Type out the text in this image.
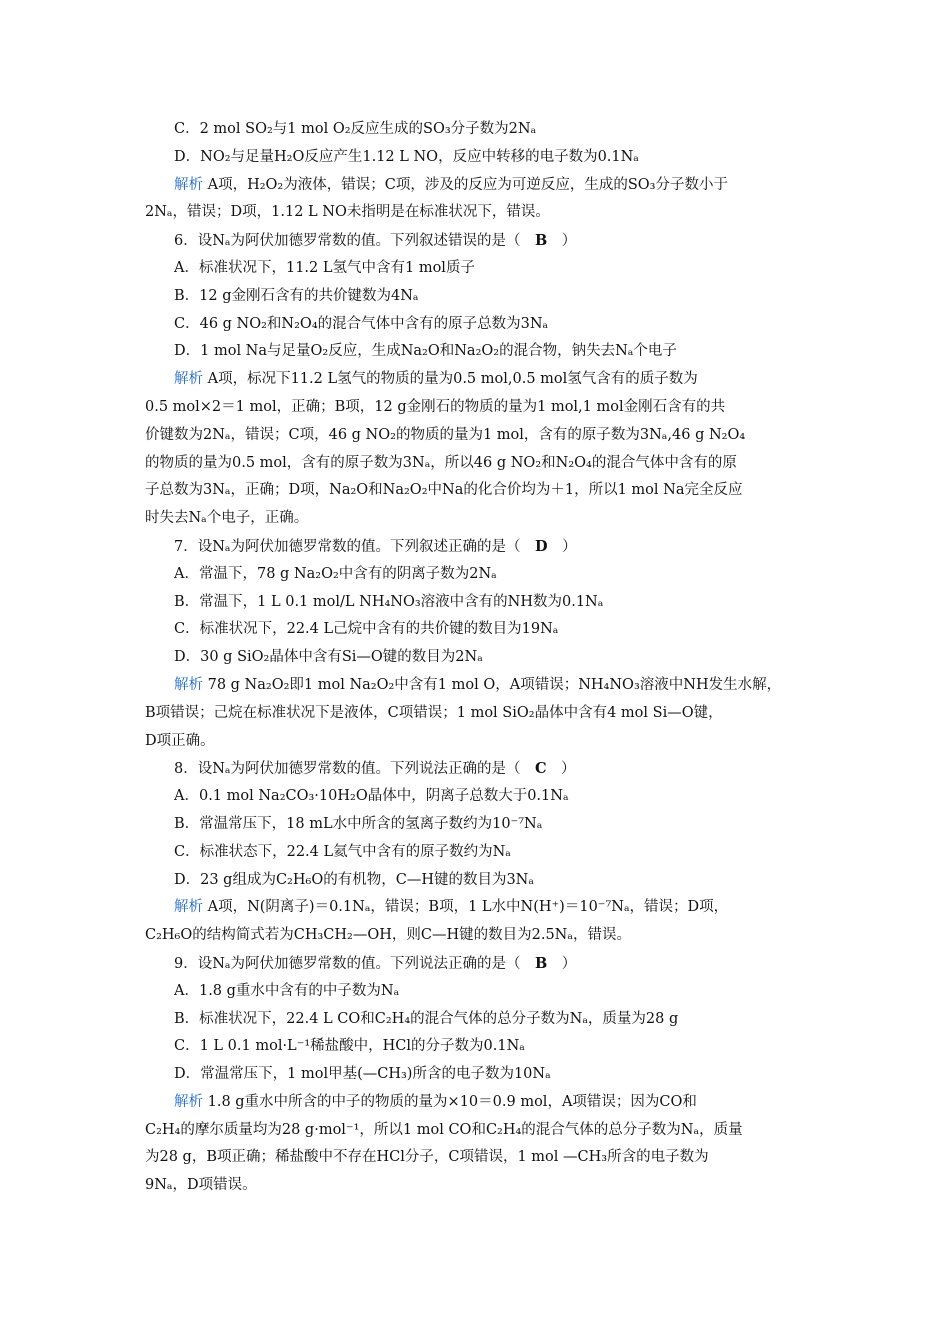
C．2 mol SO₂与1 mol O₂反应生成的SO₃分子数为2Nₐ
D．NO₂与足量H₂O反应产生1.12 L NO，反应中转移的电子数为0.1Nₐ
解析 A项，H₂O₂为液体，错误；C项，涉及的反应为可逆反应，生成的SO₃分子数小于
2Nₐ，错误；D项，1.12 L NO未指明是在标准状况下，错误。
6．设Nₐ为阿伏加德罗常数的值。下列叙述错误的是（　B　）
A．标准状况下，11.2 L氢气中含有1 mol质子
B．12 g金刚石含有的共价键数为4Nₐ
C．46 g NO₂和N₂O₄的混合气体中含有的原子总数为3Nₐ
D．1 mol Na与足量O₂反应，生成Na₂O和Na₂O₂的混合物，钠失去Nₐ个电子
解析 A项，标况下11.2 L氢气的物质的量为0.5 mol,0.5 mol氢气含有的质子数为
0.5 mol×2＝1 mol，正确；B项，12 g金刚石的物质的量为1 mol,1 mol金刚石含有的共
价键数为2Nₐ，错误；C项，46 g NO₂的物质的量为1 mol，含有的原子数为3Nₐ,46 g N₂O₄
的物质的量为0.5 mol，含有的原子数为3Nₐ，所以46 g NO₂和N₂O₄的混合气体中含有的原
子总数为3Nₐ，正确；D项，Na₂O和Na₂O₂中Na的化合价均为＋1，所以1 mol Na完全反应
时失去Nₐ个电子，正确。
7．设Nₐ为阿伏加德罗常数的值。下列叙述正确的是（　D　）
A．常温下，78 g Na₂O₂中含有的阴离子数为2Nₐ
B．常温下，1 L 0.1 mol/L NH₄NO₃溶液中含有的NH数为0.1Nₐ
C．标准状况下，22.4 L己烷中含有的共价键的数目为19Nₐ
D．30 g SiO₂晶体中含有Si—O键的数目为2Nₐ
解析 78 g Na₂O₂即1 mol Na₂O₂中含有1 mol O，A项错误；NH₄NO₃溶液中NH发生水解，
B项错误；己烷在标准状况下是液体，C项错误；1 mol SiO₂晶体中含有4 mol Si—O键，
D项正确。
8．设Nₐ为阿伏加德罗常数的值。下列说法正确的是（　C　）
A．0.1 mol Na₂CO₃·10H₂O晶体中，阴离子总数大于0.1Nₐ
B．常温常压下，18 mL水中所含的氢离子数约为10⁻⁷Nₐ
C．标准状态下，22.4 L氦气中含有的原子数约为Nₐ
D．23 g组成为C₂H₆O的有机物，C—H键的数目为3Nₐ
解析 A项，N(阴离子)＝0.1Nₐ，错误；B项，1 L水中N(H⁺)＝10⁻⁷Nₐ，错误；D项，
C₂H₆O的结构简式若为CH₃CH₂—OH，则C—H键的数目为2.5Nₐ，错误。
9．设Nₐ为阿伏加德罗常数的值。下列说法正确的是（　B　）
A．1.8 g重水中含有的中子数为Nₐ
B．标准状况下，22.4 L CO和C₂H₄的混合气体的总分子数为Nₐ，质量为28 g
C．1 L 0.1 mol·L⁻¹稀盐酸中，HCl的分子数为0.1Nₐ
D．常温常压下，1 mol甲基(—CH₃)所含的电子数为10Nₐ
解析 1.8 g重水中所含的中子的物质的量为×10＝0.9 mol，A项错误；因为CO和
C₂H₄的摩尔质量均为28 g·mol⁻¹，所以1 mol CO和C₂H₄的混合气体的总分子数为Nₐ，质量
为28 g，B项正确；稀盐酸中不存在HCl分子，C项错误，1 mol —CH₃所含的电子数为
9Nₐ，D项错误。
